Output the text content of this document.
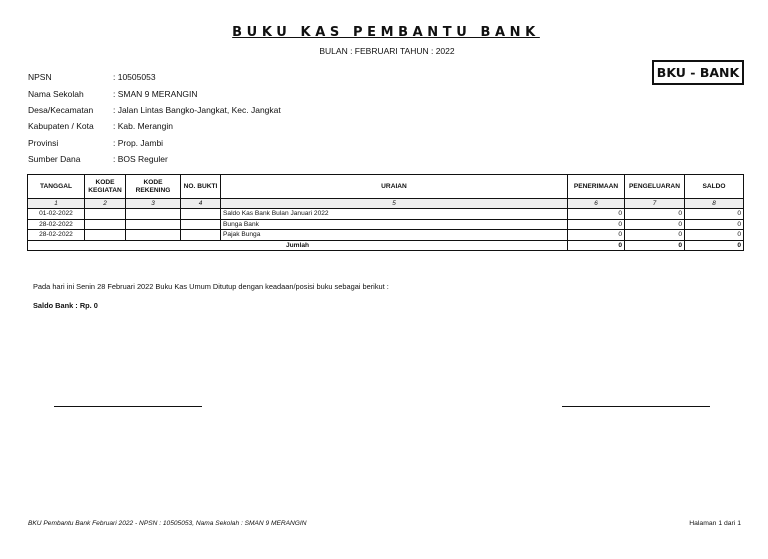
BUKU KAS PEMBANTU BANK
BULAN : FEBRUARI TAHUN : 2022
BKU - BANK
NPSN	: 10505053
Nama Sekolah	: SMAN 9 MERANGIN
Desa/Kecamatan	: Jalan Lintas Bangko-Jangkat, Kec. Jangkat
Kabupaten / Kota	: Kab. Merangin
Provinsi	: Prop. Jambi
Sumber Dana	: BOS Reguler
TANGGAL	KODE KEGIATAN	KODE REKENING	NO. BUKTI	URAIAN	PENERIMAAN	PENGELUARAN	SALDO
1	2	3	4	5	6	7	8
01-02-2022				Saldo Kas Bank Bulan Januari 2022	0	0	0
28-02-2022				Bunga Bank	0	0	0
28-02-2022				Pajak Bunga	0	0	0
Jumlah					0	0	0
Pada hari ini Senin 28 Februari 2022 Buku Kas Umum Ditutup dengan keadaan/posisi buku sebagai berikut :
Saldo Bank : Rp. 0
BKU Pembantu Bank Februari 2022 - NPSN : 10505053, Nama Sekolah : SMAN 9 MERANGIN	Halaman 1 dari 1
